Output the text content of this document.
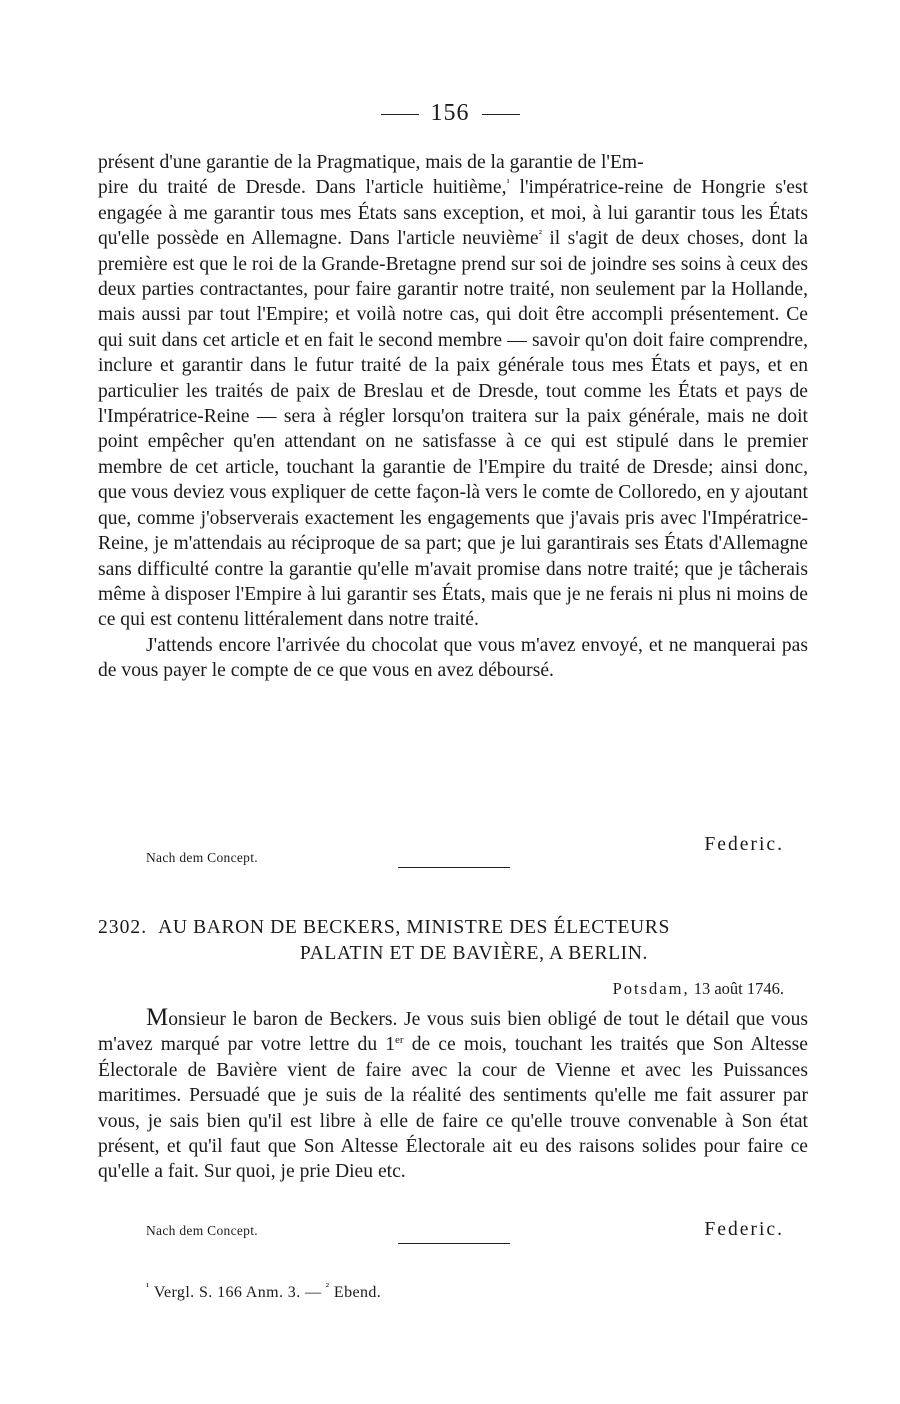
156

présent d'une garantie de la Pragmatique, mais de la garantie de l'Em-
pire du traité de Dresde. Dans l'article huitième,$^{^1}$ l'impératrice-reine de Hongrie s'est engagée à me garantir tous mes États sans exception, et moi, à lui garantir tous les États qu'elle possède en Allemagne. Dans l'article neuvième$^{^2}$ il s'agit de deux choses, dont la première est que le roi de la Grande-Bretagne prend sur soi de joindre ses soins à ceux des deux parties contractantes, pour faire garantir notre traité, non seulement par la Hollande, mais aussi par tout l'Empire; et voilà notre cas, qui doit être accompli présentement. Ce qui suit dans cet article et en fait le second membre — savoir qu'on doit faire comprendre, inclure et garantir dans le futur traité de la paix générale tous mes États et pays, et en particulier les traités de paix de Breslau et de Dresde, tout comme les États et pays de l'Impératrice-Reine — sera à régler lorsqu'on traitera sur la paix générale, mais ne doit point empêcher qu'en attendant on ne satisfasse à ce qui est stipulé dans le premier membre de cet article, touchant la garantie de l'Empire du traité de Dresde; ainsi donc, que vous deviez vous expliquer de cette façon-là vers le comte de Colloredo, en y ajoutant que, comme j'observerais exactement les engagements que j'avais pris avec l'Impératrice-Reine, je m'attendais au réciproque de sa part; que je lui garantirais ses États d'Allemagne sans difficulté contre la garantie qu'elle m'avait promise dans notre traité; que je tâcherais même à disposer l'Empire à lui garantir ses États, mais que je ne ferais ni plus ni moins de ce qui est contenu littéralement dans notre traité.

J'attends encore l'arrivée du chocolat que vous m'avez envoyé, et ne manquerai pas de vous payer le compte de ce que vous en avez déboursé.

Federic.
Nach dem Concept.
2302. AU BARON DE BECKERS, MINISTRE DES ÉLECTEURS
PALATIN ET DE BAVIÈRE, A BERLIN.
Potsdam, 13 août 1746.

Monsieur le baron de Beckers. Je vous suis bien obligé de tout le détail que vous m'avez marqué par votre lettre du 1er de ce mois, touchant les traités que Son Altesse Électorale de Bavière vient de faire avec la cour de Vienne et avec les Puissances maritimes. Persuadé que je suis de la réalité des sentiments qu'elle me fait assurer par vous, je sais bien qu'il est libre à elle de faire ce qu'elle trouve convenable à Son état présent, et qu'il faut que Son Altesse Électorale ait eu des raisons solides pour faire ce qu'elle a fait. Sur quoi, je prie Dieu etc.

Nach dem Concept.	Federic.
$^{^1}$ Vergl. S. 166 Anm. 3. — $^{^2}$ Ebend.
